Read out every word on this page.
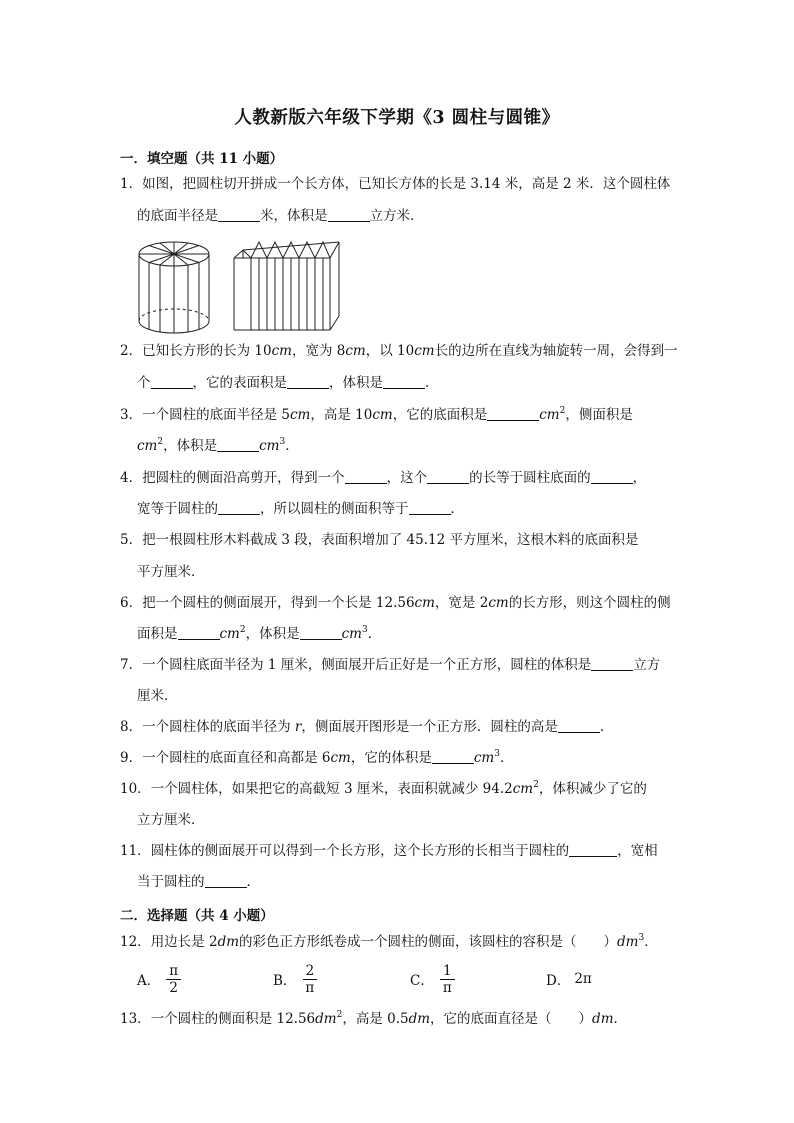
人教新版六年级下学期《3 圆柱与圆锥》
一．填空题（共 11 小题）
1．如图，把圆柱切开拼成一个长方体，已知长方体的长是 3.14 米，高是 2 米．这个圆柱体
的底面半径是	米，体积是	立方米．
2．已知长方形的长为 10cm，宽为 8cm，以 10cm长的边所在直线为轴旋转一周，会得到一
个	，它的表面积是	，体积是	．
3．一个圆柱的底面半径是 5cm，高是 10cm，它的底面积是	$cm^2$，侧面积是
$cm^2$，体积是	$cm^3$．
4．把圆柱的侧面沿高剪开，得到一个	，这个	的长等于圆柱底面的	，
宽等于圆柱的	，所以圆柱的侧面积等于	．
5．把一根圆柱形木料截成 3 段，表面积增加了 45.12 平方厘米，这根木料的底面积是
平方厘米．
6．把一个圆柱的侧面展开，得到一个长是 12.56cm，宽是 2cm的长方形，则这个圆柱的侧
面积是	$cm^2$，体积是	$cm^3$．
7．一个圆柱底面半径为 1 厘米，侧面展开后正好是一个正方形，圆柱的体积是	立方
厘米．
8．一个圆柱体的底面半径为 r，侧面展开图形是一个正方形．圆柱的高是	．
9．一个圆柱的底面直径和高都是 6cm，它的体积是	$cm^3$．
10．一个圆柱体，如果把它的高截短 3 厘米，表面积就减少 $94.2cm^2$，体积减少了它的
立方厘米．
11．圆柱体的侧面展开可以得到一个长方形，这个长方形的长相当于圆柱的	，宽相
当于圆柱的	．
二．选择题（共 4 小题）
12．用边长是 2dm的彩色正方形纸卷成一个圆柱的侧面，该圆柱的容积是（　　）$dm^3$．
A． $\frac{\pi}{2}$	B． $\frac{2}{\pi}$	C． $\frac{1}{\pi}$	D． 2π
13．一个圆柱的侧面积是 $12.56dm^2$，高是 0.5dm，它的底面直径是（　　）dm．
